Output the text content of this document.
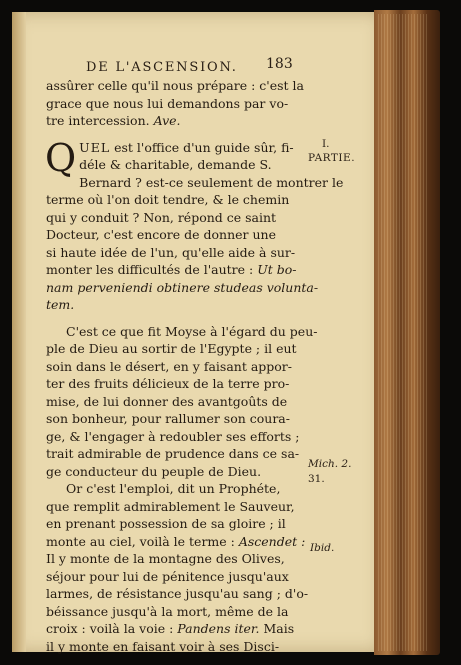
DE L'ASCENSION. 183
assûrer celle qu'il nous prépare : c'est la
grace que nous lui demandons par vo-
tre intercession. Ave.
Q UEL est l'office d'un guide sûr, fi-
déle & charitable, demande S.
Bernard ? est-ce seulement de montrer le
terme où l'on doit tendre, & le chemin
qui y conduit ? Non, répond ce saint
Docteur, c'est encore de donner une
si haute idée de l'un, qu'elle aide à sur-
monter les difficultés de l'autre : Ut bo-
nam perveniendi obtinere studeas volunta-
tem.
C'est ce que fit Moyse à l'égard du peu-
ple de Dieu au sortir de l'Egypte ; il eut
soin dans le désert, en y faisant appor-
ter des fruits délicieux de la terre pro-
mise, de lui donner des avantgoûts de
son bonheur, pour rallumer son coura-
ge, & l'engager à redoubler ses efforts ;
trait admirable de prudence dans ce sa-
ge conducteur du peuple de Dieu.
Or c'est l'emploi, dit un Prophéte,
que remplit admirablement le Sauveur,
en prenant possession de sa gloire ; il
monte au ciel, voilà le terme : Ascendet :
Il y monte de la montagne des Olives,
séjour pour lui de pénitence jusqu'aux
larmes, de résistance jusqu'au sang ; d'o-
béissance jusqu'à la mort, même de la
croix : voilà la voie : Pandens iter. Mais
il y monte en faisant voir à ses Disci-
I.
PARTIE.
Mich. 2.
31.
Ibid.
